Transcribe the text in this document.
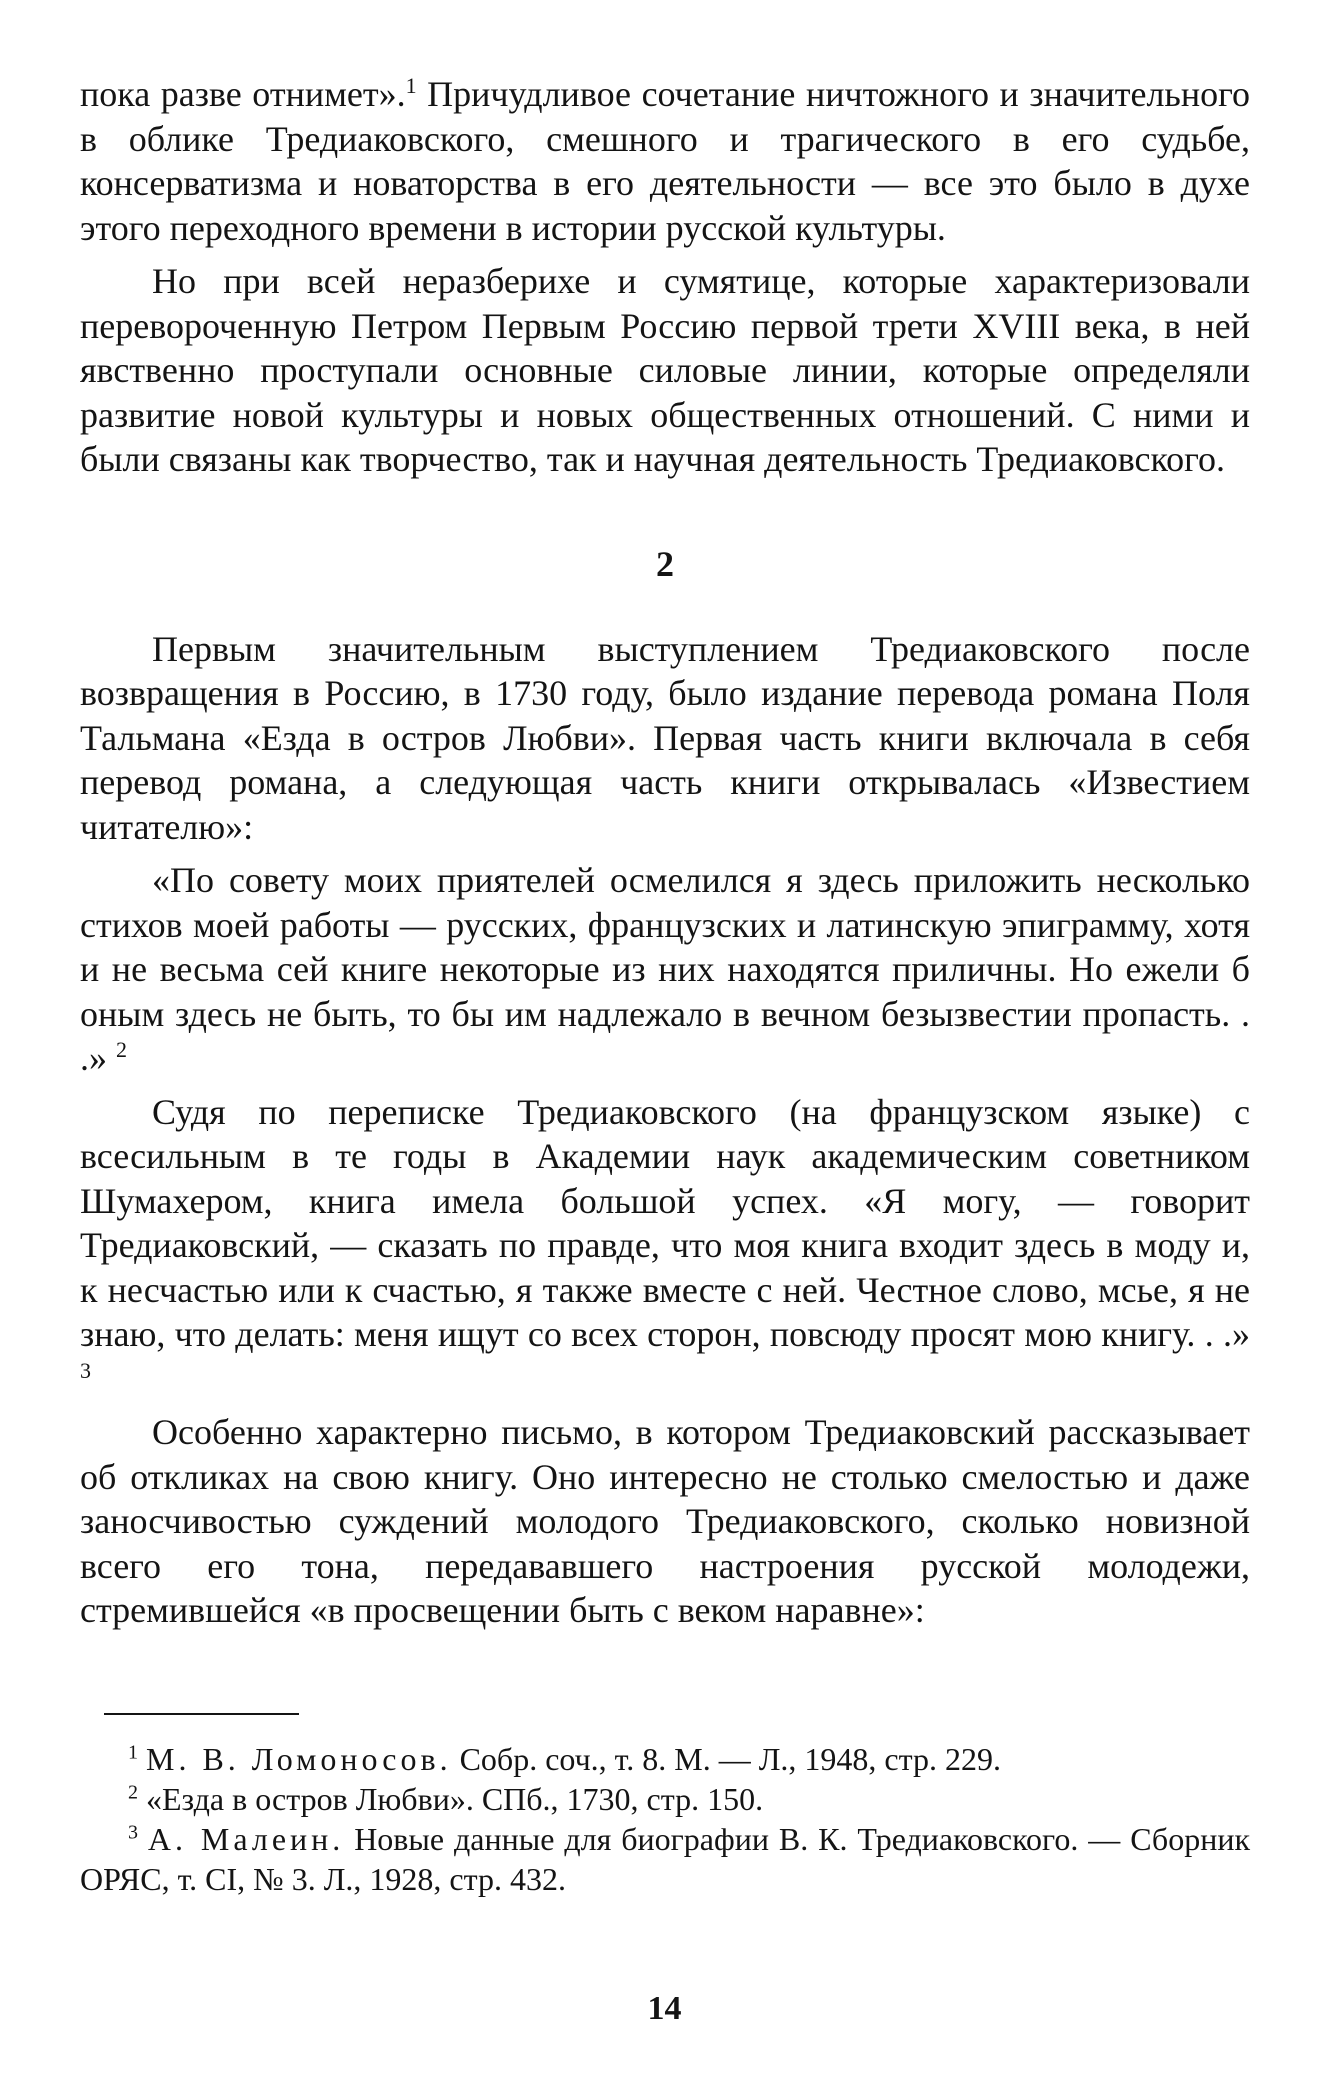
пока разве отнимет».$^1$ Причудливое сочетание ничтожного и значительного в облике Тредиаковского, смешного и трагического в его судьбе, консерватизма и новаторства в его деятельности — все это было в духе этого переходного времени в истории русской культуры.

Но при всей неразберихе и сумятице, которые характеризовали перевороченную Петром Первым Россию первой трети XVIII века, в ней явственно проступали основные силовые линии, которые определяли развитие новой культуры и новых общественных отношений. С ними и были связаны как творчество, так и научная деятельность Тредиаковского.

2

Первым значительным выступлением Тредиаковского после возвращения в Россию, в 1730 году, было издание перевода романа Поля Тальмана «Езда в остров Любви». Первая часть книги включала в себя перевод романа, а следующая часть книги открывалась «Известием читателю»:

«По совету моих приятелей осмелился я здесь приложить несколько стихов моей работы — русских, французских и латинскую эпиграмму, хотя и не весьма сей книге некоторые из них находятся приличны. Но ежели б оным здесь не быть, то бы им надлежало в вечном безызвестии пропасть. . .» $^2$

Судя по переписке Тредиаковского (на французском языке) с всесильным в те годы в Академии наук академическим советником Шумахером, книга имела большой успех. «Я могу, — говорит Тредиаковский, — сказать по правде, что моя книга входит здесь в моду и, к несчастью или к счастью, я также вместе с ней. Честное слово, мсье, я не знаю, что делать: меня ищут со всех сторон, повсюду просят мою книгу. . .» $^3$

Особенно характерно письмо, в котором Тредиаковский рассказывает об откликах на свою книгу. Оно интересно не столько смелостью и даже заносчивостью суждений молодого Тредиаковского, сколько новизной всего его тона, передававшего настроения русской молодежи, стремившейся «в просвещении быть с веком наравне»:

$^1$ М. В. Ломоносов. Собр. соч., т. 8. М. — Л., 1948, стр. 229.

$^2$ «Езда в остров Любви». СПб., 1730, стр. 150.

$^3$ А. Малеин. Новые данные для биографии В. К. Тредиаковского. — Сборник ОРЯС, т. CI, № 3. Л., 1928, стр. 432.

14
